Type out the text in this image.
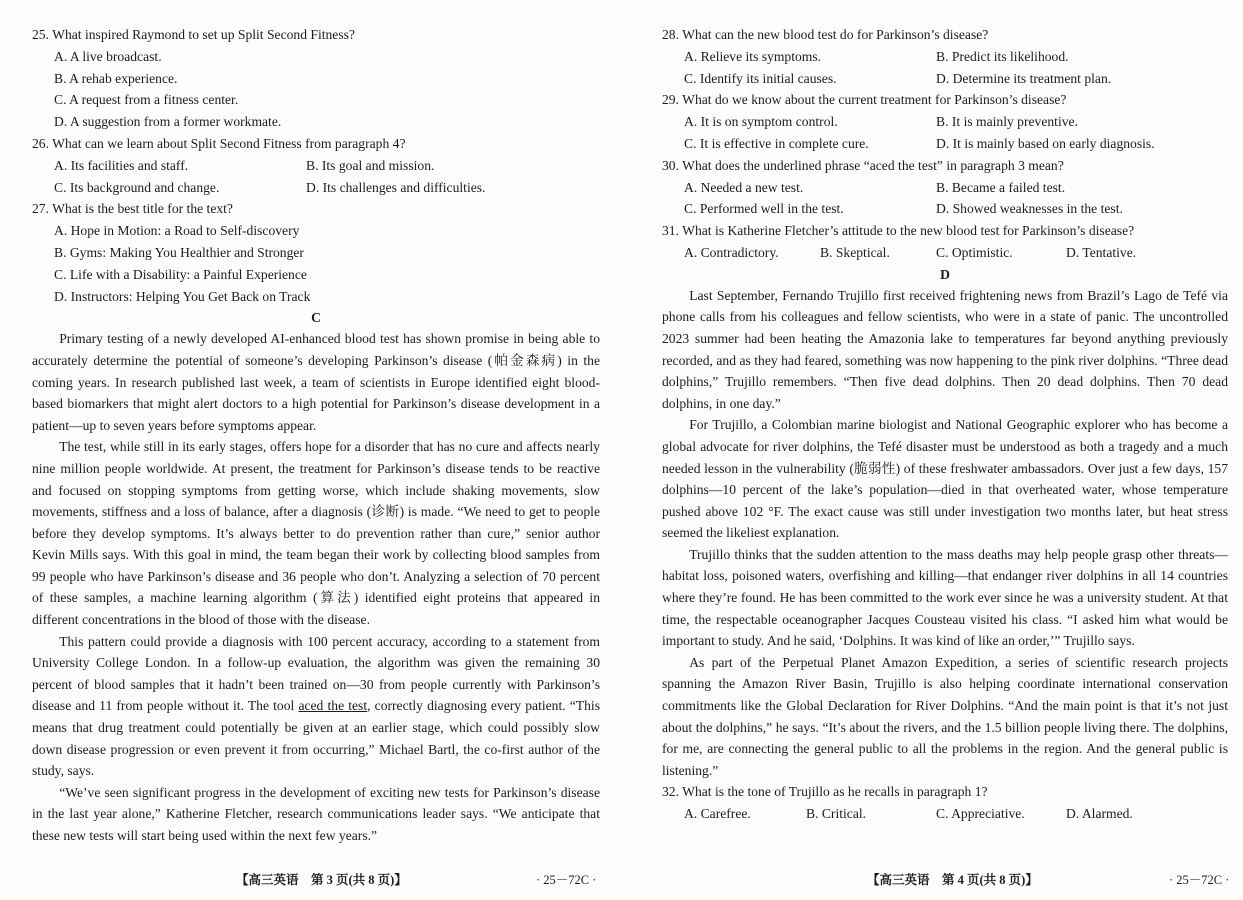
25. What inspired Raymond to set up Split Second Fitness?
A. A live broadcast.
B. A rehab experience.
C. A request from a fitness center.
D. A suggestion from a former workmate.
26. What can we learn about Split Second Fitness from paragraph 4?
A. Its facilities and staff.	B. Its goal and mission.
C. Its background and change.	D. Its challenges and difficulties.
27. What is the best title for the text?
A. Hope in Motion: a Road to Self-discovery
B. Gyms: Making You Healthier and Stronger
C. Life with a Disability: a Painful Experience
D. Instructors: Helping You Get Back on Track
C

Primary testing of a newly developed AI-enhanced blood test has shown promise in being able to accurately determine the potential of someone’s developing Parkinson’s disease (帕金森病) in the coming years. In research published last week, a team of scientists in Europe identified eight blood-based biomarkers that might alert doctors to a high potential for Parkinson’s disease development in a patient—up to seven years before symptoms appear.

The test, while still in its early stages, offers hope for a disorder that has no cure and affects nearly nine million people worldwide. At present, the treatment for Parkinson’s disease tends to be reactive and focused on stopping symptoms from getting worse, which include shaking movements, slow movements, stiffness and a loss of balance, after a diagnosis (诊断) is made. “We need to get to people before they develop symptoms. It’s always better to do prevention rather than cure,” senior author Kevin Mills says. With this goal in mind, the team began their work by collecting blood samples from 99 people who have Parkinson’s disease and 36 people who don’t. Analyzing a selection of 70 percent of these samples, a machine learning algorithm (算法) identified eight proteins that appeared in different concentrations in the blood of those with the disease.

This pattern could provide a diagnosis with 100 percent accuracy, according to a statement from University College London. In a follow-up evaluation, the algorithm was given the remaining 30 percent of blood samples that it hadn’t been trained on—30 from people currently with Parkinson’s disease and 11 from people without it. The tool aced the test, correctly diagnosing every patient. “This means that drug treatment could potentially be given at an earlier stage, which could possibly slow down disease progression or even prevent it from occurring,” Michael Bartl, the co-first author of the study, says.

“We’ve seen significant progress in the development of exciting new tests for Parkinson’s disease in the last year alone,” Katherine Fletcher, research communications leader says. “We anticipate that these new tests will start being used within the next few years.”

【高三英语　第 3 页(共 8 页)】	· 25－72C ·
28. What can the new blood test do for Parkinson’s disease?
A. Relieve its symptoms.	B. Predict its likelihood.
C. Identify its initial causes.	D. Determine its treatment plan.
29. What do we know about the current treatment for Parkinson’s disease?
A. It is on symptom control.	B. It is mainly preventive.
C. It is effective in complete cure.	D. It is mainly based on early diagnosis.
30. What does the underlined phrase “aced the test” in paragraph 3 mean?
A. Needed a new test.	B. Became a failed test.
C. Performed well in the test.	D. Showed weaknesses in the test.
31. What is Katherine Fletcher’s attitude to the new blood test for Parkinson’s disease?
A. Contradictory.	B. Skeptical.	C. Optimistic.	D. Tentative.
D

Last September, Fernando Trujillo first received frightening news from Brazil’s Lago de Tefé via phone calls from his colleagues and fellow scientists, who were in a state of panic. The uncontrolled 2023 summer had been heating the Amazonia lake to temperatures far beyond anything previously recorded, and as they had feared, something was now happening to the pink river dolphins. “Three dead dolphins,” Trujillo remembers. “Then five dead dolphins. Then 20 dead dolphins. Then 70 dead dolphins, in one day.”

For Trujillo, a Colombian marine biologist and National Geographic explorer who has become a global advocate for river dolphins, the Tefé disaster must be understood as both a tragedy and a much needed lesson in the vulnerability (脆弱性) of these freshwater ambassadors. Over just a few days, 157 dolphins—10 percent of the lake’s population—died in that overheated water, whose temperature pushed above 102 °F. The exact cause was still under investigation two months later, but heat stress seemed the likeliest explanation.

Trujillo thinks that the sudden attention to the mass deaths may help people grasp other threats—habitat loss, poisoned waters, overfishing and killing—that endanger river dolphins in all 14 countries where they’re found. He has been committed to the work ever since he was a university student. At that time, the respectable oceanographer Jacques Cousteau visited his class. “I asked him what would be important to study. And he said, ‘Dolphins. It was kind of like an order,’” Trujillo says.

As part of the Perpetual Planet Amazon Expedition, a series of scientific research projects spanning the Amazon River Basin, Trujillo is also helping coordinate international conservation commitments like the Global Declaration for River Dolphins. “And the main point is that it’s not just about the dolphins,” he says. “It’s about the rivers, and the 1.5 billion people living there. The dolphins, for me, are connecting the general public to all the problems in the region. And the general public is listening.”

32. What is the tone of Trujillo as he recalls in paragraph 1?
A. Carefree.	B. Critical.	C. Appreciative.	D. Alarmed.
【高三英语　第 4 页(共 8 页)】	· 25－72C ·
